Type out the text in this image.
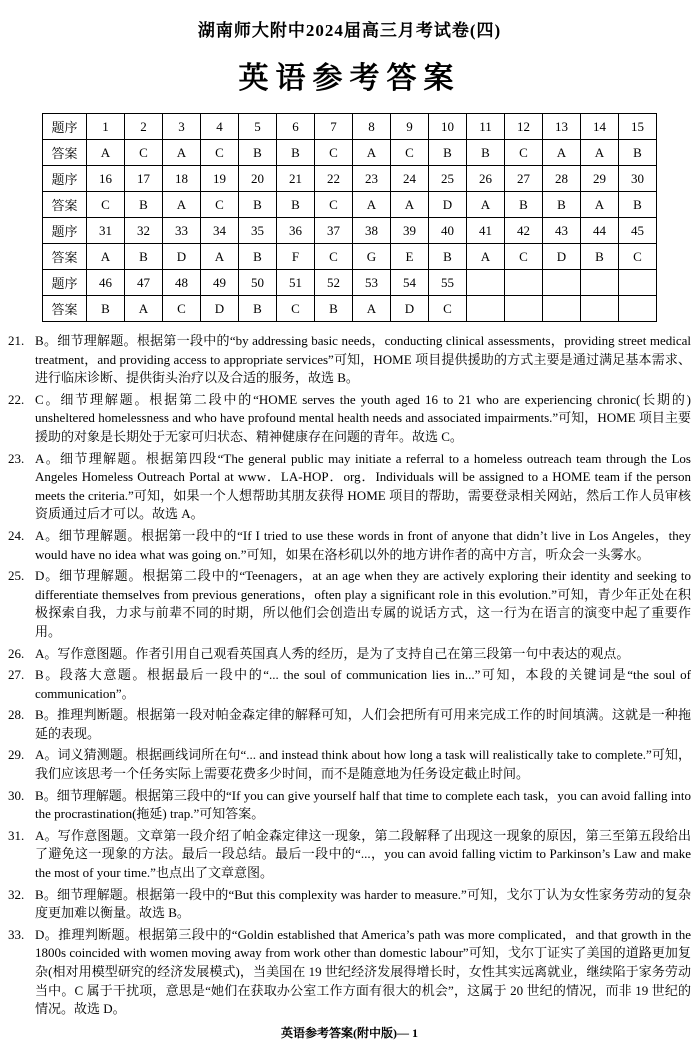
湖南师大附中2024届高三月考试卷(四)
英语参考答案
题序	1	2	3	4	5	6	7	8	9	10	11	12	13	14	15
答案	A	C	A	C	B	B	C	A	C	B	B	C	A	A	B
题序	16	17	18	19	20	21	22	23	24	25	26	27	28	29	30
答案	C	B	A	C	B	B	C	A	A	D	A	B	B	A	B
题序	31	32	33	34	35	36	37	38	39	40	41	42	43	44	45
答案	A	B	D	A	B	F	C	G	E	B	A	C	D	B	C
题序	46	47	48	49	50	51	52	53	54	55					
答案	B	A	C	D	B	C	B	A	D	C					
21. B。细节理解题。根据第一段中的“by addressing basic needs，conducting clinical assessments，providing street medical treatment，and providing access to appropriate services”可知，HOME 项目提供援助的方式主要是通过满足基本需求、进行临床诊断、提供街头治疗以及合适的服务，故选 B。
22. C。细节理解题。根据第二段中的“HOME serves the youth aged 16 to 21 who are experiencing chronic(长期的) unsheltered homelessness and who have profound mental health needs and associated impairments.”可知，HOME 项目主要援助的对象是长期处于无家可归状态、精神健康存在问题的青年。故选 C。
23. A。细节理解题。根据第四段“The general public may initiate a referral to a homeless outreach team through the Los Angeles Homeless Outreach Portal at www．LA-HOP．org．Individuals will be assigned to a HOME team if the person meets the criteria.”可知，如果一个人想帮助其朋友获得 HOME 项目的帮助，需要登录相关网站，然后工作人员审核资质通过后才可以。故选 A。
24. A。细节理解题。根据第一段中的“If I tried to use these words in front of anyone that didn’t live in Los Angeles，they would have no idea what was going on.”可知，如果在洛杉矶以外的地方讲作者的高中方言，听众会一头雾水。
25. D。细节理解题。根据第二段中的“Teenagers，at an age when they are actively exploring their identity and seeking to differentiate themselves from previous generations，often play a significant role in this evolution.”可知，青少年正处在积极探索自我，力求与前辈不同的时期，所以他们会创造出专属的说话方式，这一行为在语言的演变中起了重要作用。
26. A。写作意图题。作者引用自己观看英国真人秀的经历，是为了支持自己在第三段第一句中表达的观点。
27. B。段落大意题。根据最后一段中的“... the soul of communication lies in...”可知，本段的关键词是“the soul of communication”。
28. B。推理判断题。根据第一段对帕金森定律的解释可知，人们会把所有可用来完成工作的时间填满。这就是一种拖延的表现。
29. A。词义猜测题。根据画线词所在句“... and instead think about how long a task will realistically take to complete.”可知，我们应该思考一个任务实际上需要花费多少时间，而不是随意地为任务设定截止时间。
30. B。细节理解题。根据第三段中的“If you can give yourself half that time to complete each task，you can avoid falling into the procrastination(拖延) trap.”可知答案。
31. A。写作意图题。文章第一段介绍了帕金森定律这一现象，第二段解释了出现这一现象的原因，第三至第五段给出了避免这一现象的方法。最后一段总结。最后一段中的“...，you can avoid falling victim to Parkinson’s Law and make the most of your time.”也点出了文章意图。
32. B。细节理解题。根据第一段中的“But this complexity was harder to measure.”可知，戈尔丁认为女性家务劳动的复杂度更加难以衡量。故选 B。
33. D。推理判断题。根据第三段中的“Goldin established that America’s path was more complicated，and that growth in the 1800s coincided with women moving away from work other than domestic labour”可知，戈尔丁证实了美国的道路更加复杂(相对用模型研究的经济发展模式)，当美国在 19 世纪经济发展得增长时，女性其实远离就业，继续陷于家务劳动当中。C 属于干扰项，意思是“她们在获取办公室工作方面有很大的机会”，这属于 20 世纪的情况，而非 19 世纪的情况。故选 D。
英语参考答案(附中版)— 1
